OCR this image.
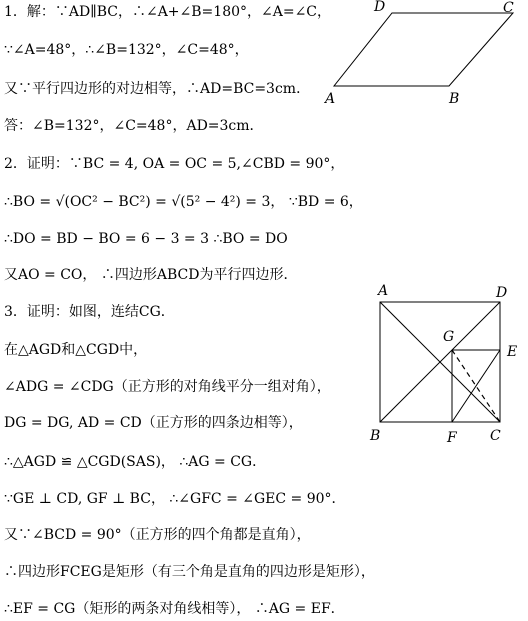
1．解：∵AD∥BC，∴∠A+∠B=180°，∠A=∠C，
∵∠A=48°，∴∠B=132°，∠C=48°，
又∵平行四边形的对边相等，∴AD=BC=3cm．
答：∠B=132°，∠C=48°，AD=3cm．
2．证明：∵BC = 4, OA = OC = 5,∠CBD = 90°，
∴BO = √(OC² − BC²) = √(5² − 4²) = 3， ∵BD = 6，
∴DO = BD − BO = 6 − 3 = 3 ∴BO = DO
又AO = CO， ∴四边形ABCD为平行四边形．
3．证明：如图，连结CG．
在△AGD和△CGD中，
∠ADG = ∠CDG（正方形的对角线平分一组对角），
DG = DG, AD = CD（正方形的四条边相等），
∴△AGD ≌ △CGD(SAS)， ∴AG = CG．
∵GE ⊥ CD, GF ⊥ BC， ∴∠GFC = ∠GEC = 90°．
又∵∠BCD = 90°（正方形的四个角都是直角），
∴四边形FCEG是矩形（有三个角是直角的四边形是矩形），
∴EF = CG（矩形的两条对角线相等）， ∴AG = EF．
D	C
A	B
A	D
G
E
B	F C
